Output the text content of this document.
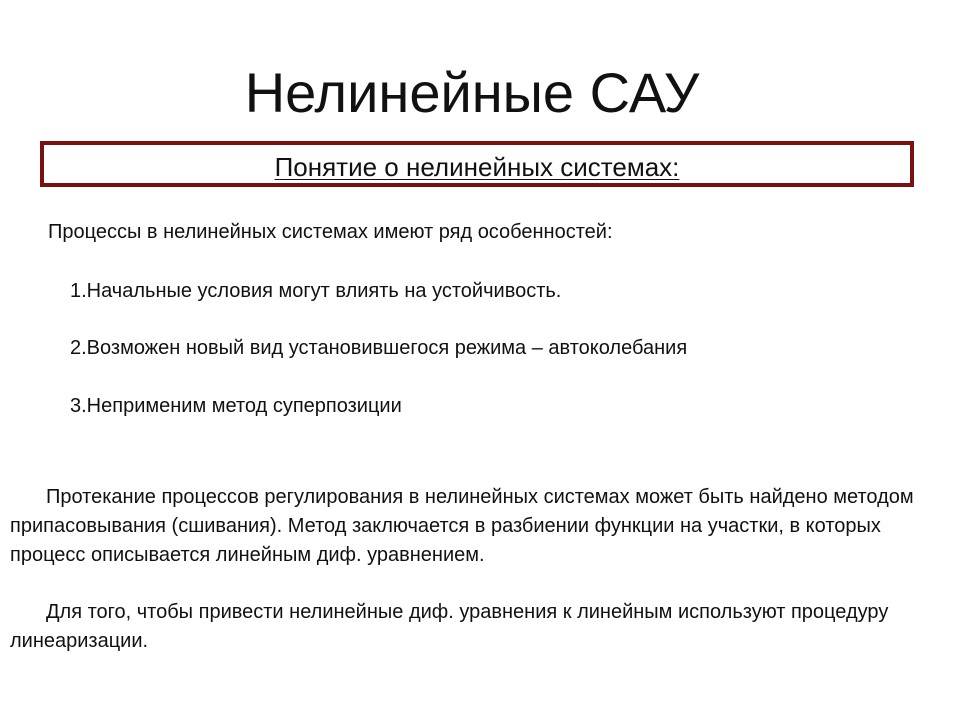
Нелинейные САУ
Понятие о нелинейных системах:
Процессы в нелинейных системах имеют ряд особенностей:
1.Начальные условия могут влиять на устойчивость.
2.Возможен новый вид установившегося режима – автоколебания
3.Неприменим метод суперпозиции
Протекание процессов регулирования в нелинейных системах может быть найдено методом припасовывания (сшивания). Метод заключается в разбиении функции на участки, в которых процесс описывается линейным диф. уравнением.
Для того, чтобы привести нелинейные диф. уравнения к линейным используют процедуру линеаризации.
